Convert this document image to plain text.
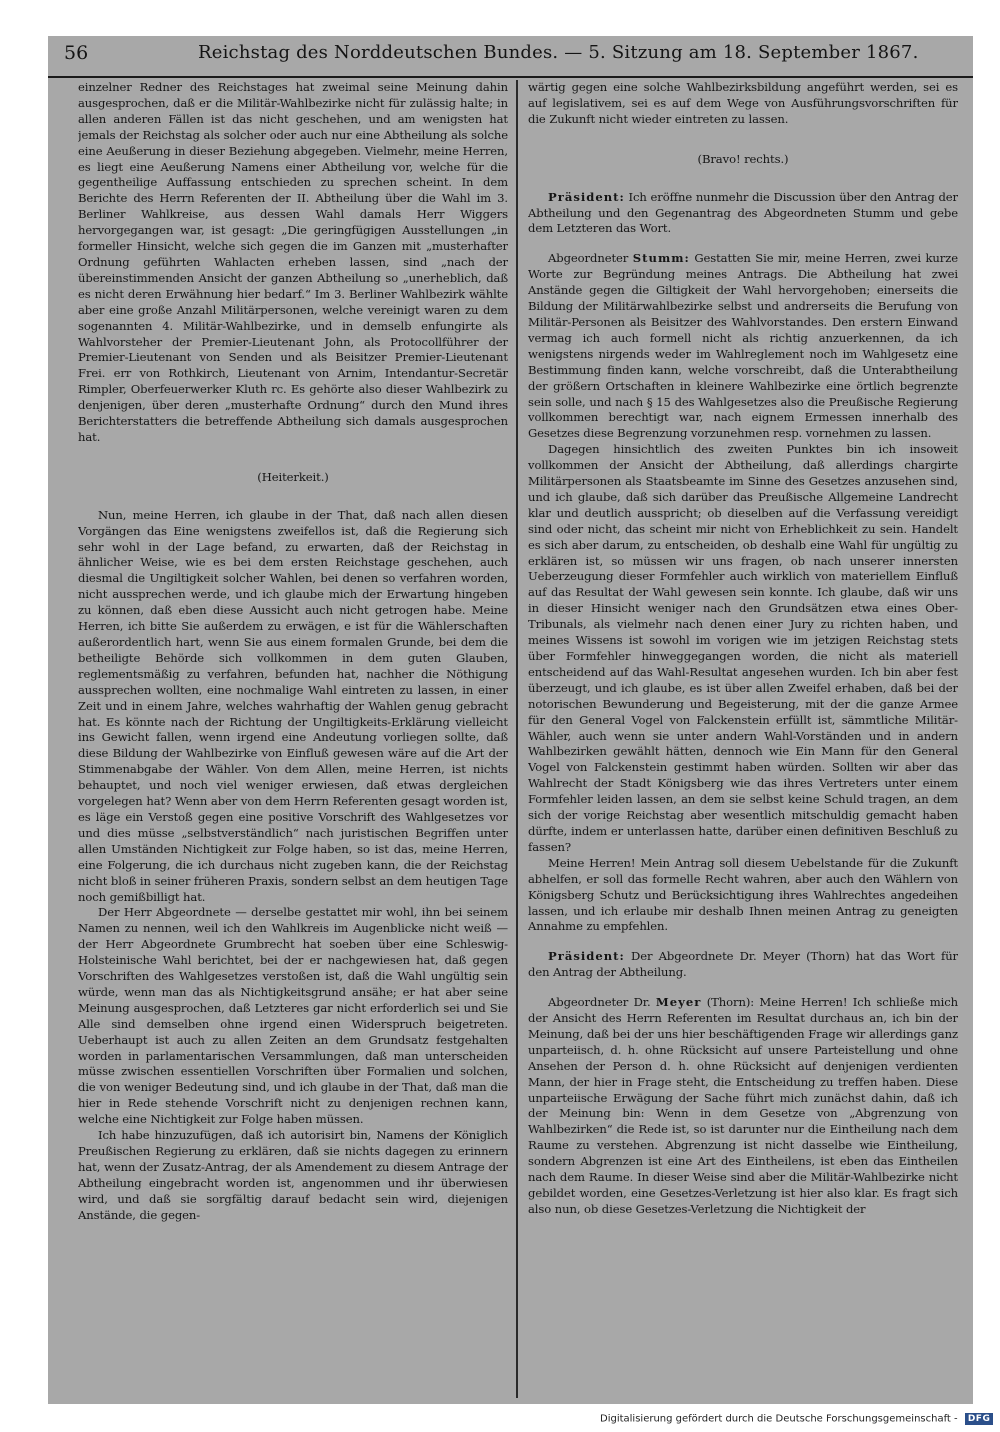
56	Reichstag des Norddeutschen Bundes. — 5. Sitzung am 18. September 1867.

einzelner Redner des Reichstages hat zweimal seine Meinung dahin ausgesprochen, daß er die Militär-Wahlbezirke nicht für zulässig halte; in allen anderen Fällen ist das nicht geschehen, und am wenigsten hat jemals der Reichstag als solcher oder auch nur eine Abtheilung als solche eine Aeußerung in dieser Beziehung abgegeben. Vielmehr, meine Herren, es liegt eine Aeußerung Namens einer Abtheilung vor, welche für die gegentheilige Auffassung entschieden zu sprechen scheint. In dem Berichte des Herrn Referenten der II. Abtheilung über die Wahl im 3. Berliner Wahlkreise, aus dessen Wahl damals Herr Wiggers hervorgegangen war, ist gesagt: „Die geringfügigen Ausstellungen „in formeller Hinsicht, welche sich gegen die im Ganzen mit „musterhafter Ordnung geführten Wahlacten erheben lassen, sind „nach der übereinstimmenden Ansicht der ganzen Abtheilung so „unerheblich, daß es nicht deren Erwähnung hier bedarf.“ Im 3. Berliner Wahlbezirk wählte aber eine große Anzahl Militärpersonen, welche vereinigt waren zu dem sogenannten 4. Militär-Wahlbezirke, und in demselb enfungirte als Wahlvorsteher der Premier-Lieutenant John, als Protocollführer der Premier-Lieutenant von Senden und als Beisitzer Premier-Lieutenant Frei. err von Rothkirch, Lieutenant von Arnim, Intendantur-Secretär Rimpler, Oberfeuerwerker Kluth rc. Es gehörte also dieser Wahlbezirk zu denjenigen, über deren „musterhafte Ordnung“ durch den Mund ihres Berichterstatters die betreffende Abtheilung sich damals ausgesprochen hat.

(Heiterkeit.)

Nun, meine Herren, ich glaube in der That, daß nach allen diesen Vorgängen das Eine wenigstens zweifellos ist, daß die Regierung sich sehr wohl in der Lage befand, zu erwarten, daß der Reichstag in ähnlicher Weise, wie es bei dem ersten Reichstage geschehen, auch diesmal die Ungiltigkeit solcher Wahlen, bei denen so verfahren worden, nicht aussprechen werde, und ich glaube mich der Erwartung hingeben zu können, daß eben diese Aussicht auch nicht getrogen habe. Meine Herren, ich bitte Sie außerdem zu erwägen, e ist für die Wählerschaften außerordentlich hart, wenn Sie aus einem formalen Grunde, bei dem die betheiligte Behörde sich vollkommen in dem guten Glauben, reglementsmäßig zu verfahren, befunden hat, nachher die Nöthigung aussprechen wollten, eine nochmalige Wahl eintreten zu lassen, in einer Zeit und in einem Jahre, welches wahrhaftig der Wahlen genug gebracht hat. Es könnte nach der Richtung der Ungiltigkeits-Erklärung vielleicht ins Gewicht fallen, wenn irgend eine Andeutung vorliegen sollte, daß diese Bildung der Wahlbezirke von Einfluß gewesen wäre auf die Art der Stimmenabgabe der Wähler. Von dem Allen, meine Herren, ist nichts behauptet, und noch viel weniger erwiesen, daß etwas dergleichen vorgelegen hat? Wenn aber von dem Herrn Referenten gesagt worden ist, es läge ein Verstoß gegen eine positive Vorschrift des Wahlgesetzes vor und dies müsse „selbstverständlich“ nach juristischen Begriffen unter allen Umständen Nichtigkeit zur Folge haben, so ist das, meine Herren, eine Folgerung, die ich durchaus nicht zugeben kann, die der Reichstag nicht bloß in seiner früheren Praxis, sondern selbst an dem heutigen Tage noch gemißbilligt hat.

Der Herr Abgeordnete — derselbe gestattet mir wohl, ihn bei seinem Namen zu nennen, weil ich den Wahlkreis im Augenblicke nicht weiß — der Herr Abgeordnete Grumbrecht hat soeben über eine Schleswig-Holsteinische Wahl berichtet, bei der er nachgewiesen hat, daß gegen Vorschriften des Wahlgesetzes verstoßen ist, daß die Wahl ungültig sein würde, wenn man das als Nichtigkeitsgrund ansähe; er hat aber seine Meinung ausgesprochen, daß Letzteres gar nicht erforderlich sei und Sie Alle sind demselben ohne irgend einen Widerspruch beigetreten. Ueberhaupt ist auch zu allen Zeiten an dem Grundsatz festgehalten worden in parlamentarischen Versammlungen, daß man unterscheiden müsse zwischen essentiellen Vorschriften über Formalien und solchen, die von weniger Bedeutung sind, und ich glaube in der That, daß man die hier in Rede stehende Vorschrift nicht zu denjenigen rechnen kann, welche eine Nichtigkeit zur Folge haben müssen.

Ich habe hinzuzufügen, daß ich autorisirt bin, Namens der Königlich Preußischen Regierung zu erklären, daß sie nichts dagegen zu erinnern hat, wenn der Zusatz-Antrag, der als Amendement zu diesem Antrage der Abtheilung eingebracht worden ist, angenommen und ihr überwiesen wird, und daß sie sorgfältig darauf bedacht sein wird, diejenigen Anstände, die gegen-

wärtig gegen eine solche Wahlbezirksbildung angeführt werden, sei es auf legislativem, sei es auf dem Wege von Ausführungsvorschriften für die Zukunft nicht wieder eintreten zu lassen.

(Bravo! rechts.)

Präsident: Ich eröffne nunmehr die Discussion über den Antrag der Abtheilung und den Gegenantrag des Abgeordneten Stumm und gebe dem Letzteren das Wort.

Abgeordneter Stumm: Gestatten Sie mir, meine Herren, zwei kurze Worte zur Begründung meines Antrags. Die Abtheilung hat zwei Anstände gegen die Giltigkeit der Wahl hervorgehoben; einerseits die Bildung der Militärwahlbezirke selbst und andrerseits die Berufung von Militär-Personen als Beisitzer des Wahlvorstandes. Den erstern Einwand vermag ich auch formell nicht als richtig anzuerkennen, da ich wenigstens nirgends weder im Wahlreglement noch im Wahlgesetz eine Bestimmung finden kann, welche vorschreibt, daß die Unterabtheilung der größern Ortschaften in kleinere Wahlbezirke eine örtlich begrenzte sein solle, und nach § 15 des Wahlgesetzes also die Preußische Regierung vollkommen berechtigt war, nach eignem Ermessen innerhalb des Gesetzes diese Begrenzung vorzunehmen resp. vornehmen zu lassen.

Dagegen hinsichtlich des zweiten Punktes bin ich insoweit vollkommen der Ansicht der Abtheilung, daß allerdings chargirte Militärpersonen als Staatsbeamte im Sinne des Gesetzes anzusehen sind, und ich glaube, daß sich darüber das Preußische Allgemeine Landrecht klar und deutlich ausspricht; ob dieselben auf die Verfassung vereidigt sind oder nicht, das scheint mir nicht von Erheblichkeit zu sein. Handelt es sich aber darum, zu entscheiden, ob deshalb eine Wahl für ungültig zu erklären ist, so müssen wir uns fragen, ob nach unserer innersten Ueberzeugung dieser Formfehler auch wirklich von materiellem Einfluß auf das Resultat der Wahl gewesen sein konnte. Ich glaube, daß wir uns in dieser Hinsicht weniger nach den Grundsätzen etwa eines Ober-Tribunals, als vielmehr nach denen einer Jury zu richten haben, und meines Wissens ist sowohl im vorigen wie im jetzigen Reichstag stets über Formfehler hinweggegangen worden, die nicht als materiell entscheidend auf das Wahl-Resultat angesehen wurden. Ich bin aber fest überzeugt, und ich glaube, es ist über allen Zweifel erhaben, daß bei der notorischen Bewunderung und Begeisterung, mit der die ganze Armee für den General Vogel von Falckenstein erfüllt ist, sämmtliche Militär-Wähler, auch wenn sie unter andern Wahl-Vorständen und in andern Wahlbezirken gewählt hätten, dennoch wie Ein Mann für den General Vogel von Falckenstein gestimmt haben würden. Sollten wir aber das Wahlrecht der Stadt Königsberg wie das ihres Vertreters unter einem Formfehler leiden lassen, an dem sie selbst keine Schuld tragen, an dem sich der vorige Reichstag aber wesentlich mitschuldig gemacht haben dürfte, indem er unterlassen hatte, darüber einen definitiven Beschluß zu fassen?

Meine Herren! Mein Antrag soll diesem Uebelstande für die Zukunft abhelfen, er soll das formelle Recht wahren, aber auch den Wählern von Königsberg Schutz und Berücksichtigung ihres Wahlrechtes angedeihen lassen, und ich erlaube mir deshalb Ihnen meinen Antrag zu geneigten Annahme zu empfehlen.

Präsident: Der Abgeordnete Dr. Meyer (Thorn) hat das Wort für den Antrag der Abtheilung.

Abgeordneter Dr. Meyer (Thorn): Meine Herren! Ich schließe mich der Ansicht des Herrn Referenten im Resultat durchaus an, ich bin der Meinung, daß bei der uns hier beschäftigenden Frage wir allerdings ganz unparteiisch, d. h. ohne Rücksicht auf unsere Parteistellung und ohne Ansehen der Person d. h. ohne Rücksicht auf denjenigen verdienten Mann, der hier in Frage steht, die Entscheidung zu treffen haben. Diese unparteiische Erwägung der Sache führt mich zunächst dahin, daß ich der Meinung bin: Wenn in dem Gesetze von „Abgrenzung von Wahlbezirken“ die Rede ist, so ist darunter nur die Eintheilung nach dem Raume zu verstehen. Abgrenzung ist nicht dasselbe wie Eintheilung, sondern Abgrenzen ist eine Art des Eintheilens, ist eben das Eintheilen nach dem Raume. In dieser Weise sind aber die Militär-Wahlbezirke nicht gebildet worden, eine Gesetzes-Verletzung ist hier also klar. Es fragt sich also nun, ob diese Gesetzes-Verletzung die Nichtigkeit der

Digitalisierung gefördert durch die Deutsche Forschungsgemeinschaft - DFG
